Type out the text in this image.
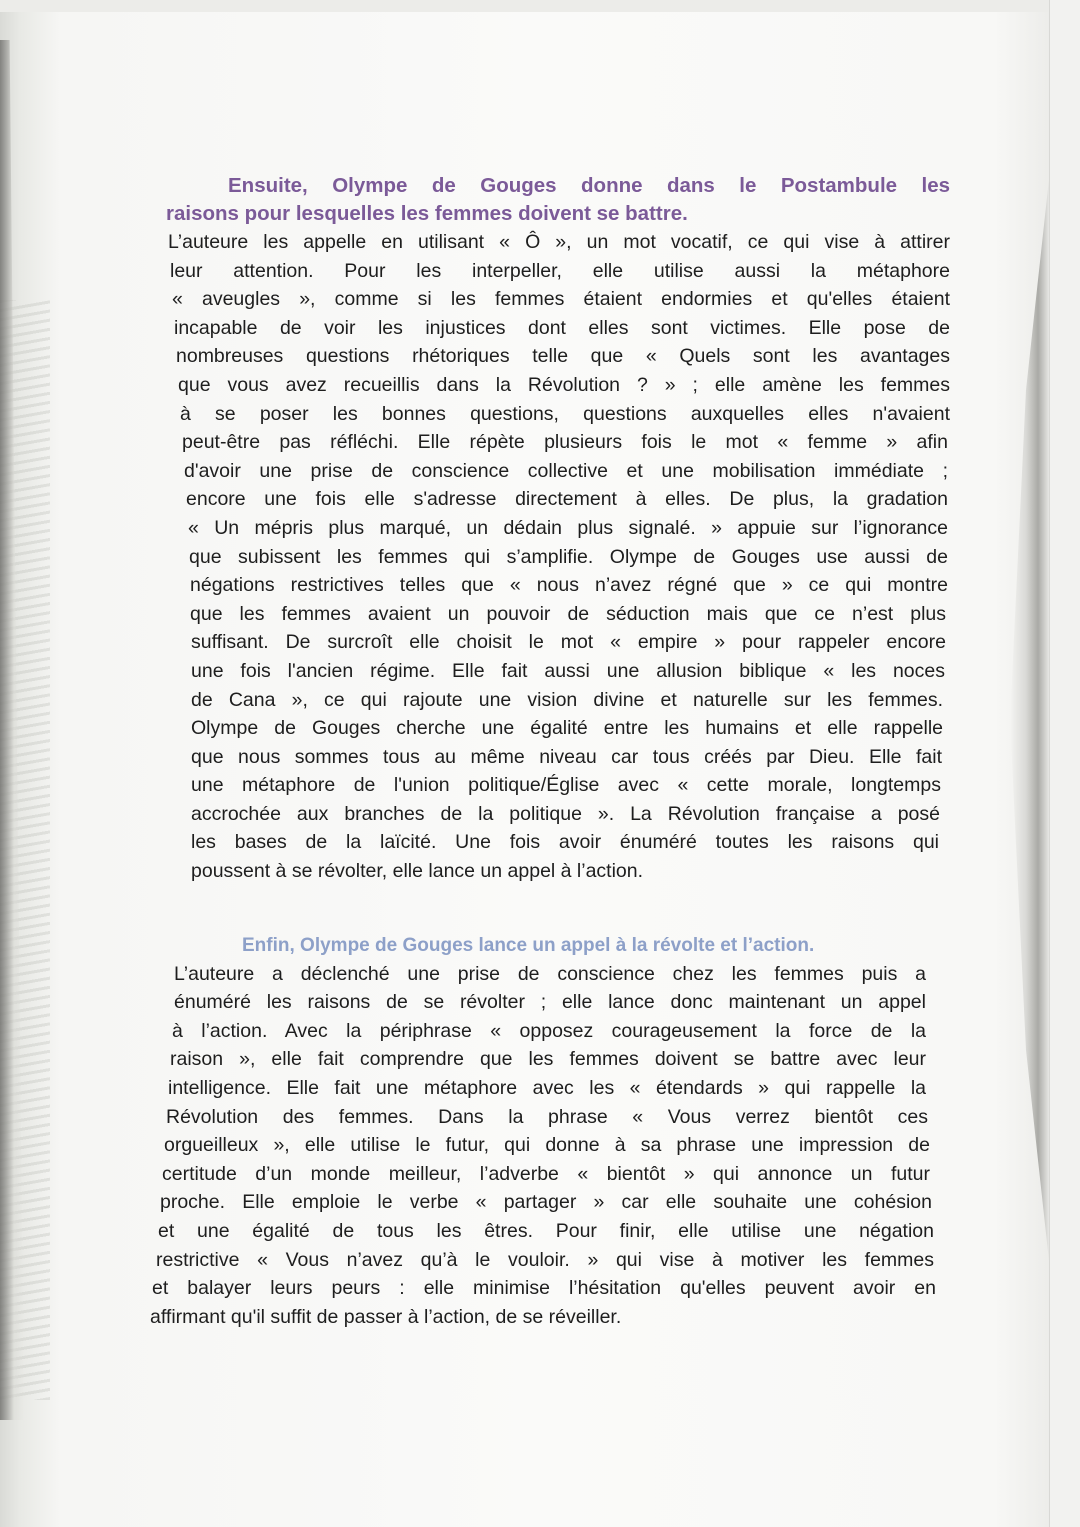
Ensuite, Olympe de Gouges donne dans le Postambule les

raisons pour lesquelles les femmes doivent se battre.

L’auteure les appelle en utilisant « Ô », un mot vocatif, ce qui vise à attirer
leur attention. Pour les interpeller, elle utilise aussi la métaphore
« aveugles », comme si les femmes étaient endormies et qu'elles étaient
incapable de voir les injustices dont elles sont victimes. Elle pose de
nombreuses questions rhétoriques telle que « Quels sont les avantages
que vous avez recueillis dans la Révolution ? » ; elle amène les femmes
à se poser les bonnes questions, questions auxquelles elles n'avaient
peut-être pas réfléchi. Elle répète plusieurs fois le mot « femme » afin
d'avoir une prise de conscience collective et une mobilisation immédiate ;
encore une fois elle s'adresse directement à elles. De plus, la gradation
« Un mépris plus marqué, un dédain plus signalé. » appuie sur l’ignorance
que subissent les femmes qui s’amplifie. Olympe de Gouges use aussi de
négations restrictives telles que « nous n’avez régné que » ce qui montre
que les femmes avaient un pouvoir de séduction mais que ce n’est plus
suffisant. De surcroît elle choisit le mot « empire » pour rappeler encore
une fois l'ancien régime. Elle fait aussi une allusion biblique « les noces
de Cana », ce qui rajoute une vision divine et naturelle sur les femmes.
Olympe de Gouges cherche une égalité entre les humains et elle rappelle
que nous sommes tous au même niveau car tous créés par Dieu. Elle fait
une métaphore de l'union politique/Église avec « cette morale, longtemps
accrochée aux branches de la politique ». La Révolution française a posé
les bases de la laïcité. Une fois avoir énuméré toutes les raisons qui
poussent à se révolter, elle lance un appel à l’action.

Enfin, Olympe de Gouges lance un appel à la révolte et l’action.

L’auteure a déclenché une prise de conscience chez les femmes puis a
énuméré les raisons de se révolter ; elle lance donc maintenant un appel
à l’action. Avec la périphrase « opposez courageusement la force de la
raison », elle fait comprendre que les femmes doivent se battre avec leur
intelligence. Elle fait une métaphore avec les « étendards » qui rappelle la
Révolution des femmes. Dans la phrase « Vous verrez bientôt ces
orgueilleux », elle utilise le futur, qui donne à sa phrase une impression de
certitude d’un monde meilleur, l’adverbe « bientôt » qui annonce un futur
proche. Elle emploie le verbe « partager » car elle souhaite une cohésion
et une égalité de tous les êtres. Pour finir, elle utilise une négation
restrictive « Vous n’avez qu’à le vouloir. » qui vise à motiver les femmes
et balayer leurs peurs : elle minimise l’hésitation qu'elles peuvent avoir en
affirmant qu'il suffit de passer à l’action, de se réveiller.
